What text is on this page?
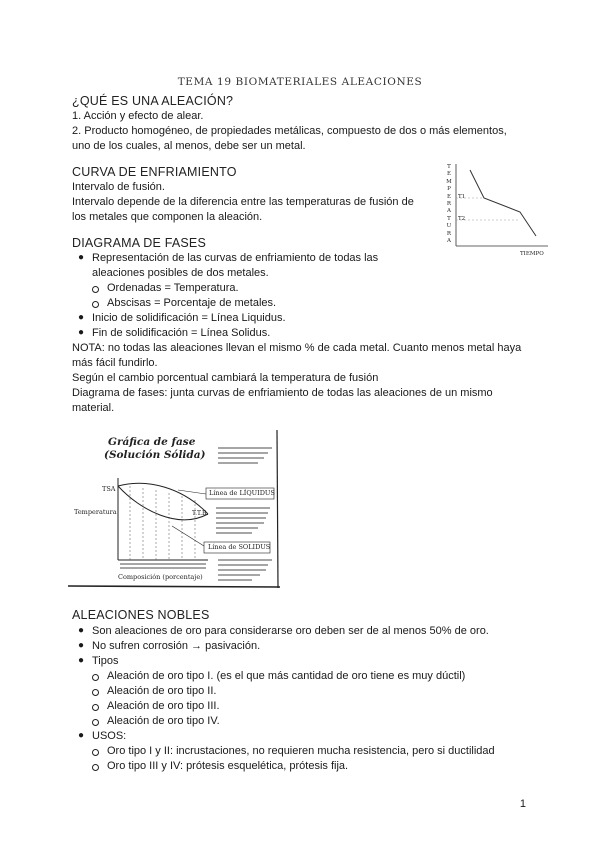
TEMA 19 BIOMATERIALES ALEACIONES
¿QUÉ ES UNA ALEACIÓN?
1. Acción y efecto de alear.
2. Producto homogéneo, de propiedades metálicas, compuesto de dos o más elementos,
uno de los cuales, al menos, debe ser un metal.
CURVA DE ENFRIAMIENTO
Intervalo de fusión.
Intervalo depende de la diferencia entre las temperaturas de fusión de
los metales que componen la aleación.
T
E
M
P
E
R
A
T
U
R
A
T1
T2
TIEMPO
DIAGRAMA DE FASES
● Representación de las curvas de enfriamiento de todas las
aleaciones posibles de dos metales.
Ordenadas = Temperatura.
Abscisas = Porcentaje de metales.
● Inicio de solidificación = Línea Liquidus.
● Fin de solidificación = Línea Solidus.
NOTA: no todas las aleaciones llevan el mismo % de cada metal. Cuanto menos metal haya
más fácil fundirlo.
Según el cambio porcentual cambiará la temperatura de fusión
Diagrama de fases: junta curvas de enfriamiento de todas las aleaciones de un mismo
material.
Gráfica de fase
(Solución Sólida)
TSA
Temperatura	T.T.B.
Línea de LÍQUIDUS
Línea de SOLIDUS
Composición (porcentaje)
ALEACIONES NOBLES
● Son aleaciones de oro para considerarse oro deben ser de al menos 50% de oro.
● No sufren corrosión → pasivación.
● Tipos
Aleación de oro tipo I. (es el que más cantidad de oro tiene es muy dúctil)
Aleación de oro tipo II.
Aleación de oro tipo III.
Aleación de oro tipo IV.
● USOS:
Oro tipo I y II: incrustaciones, no requieren mucha resistencia, pero si ductilidad
Oro tipo III y IV: prótesis esquelética, prótesis fija.
1
